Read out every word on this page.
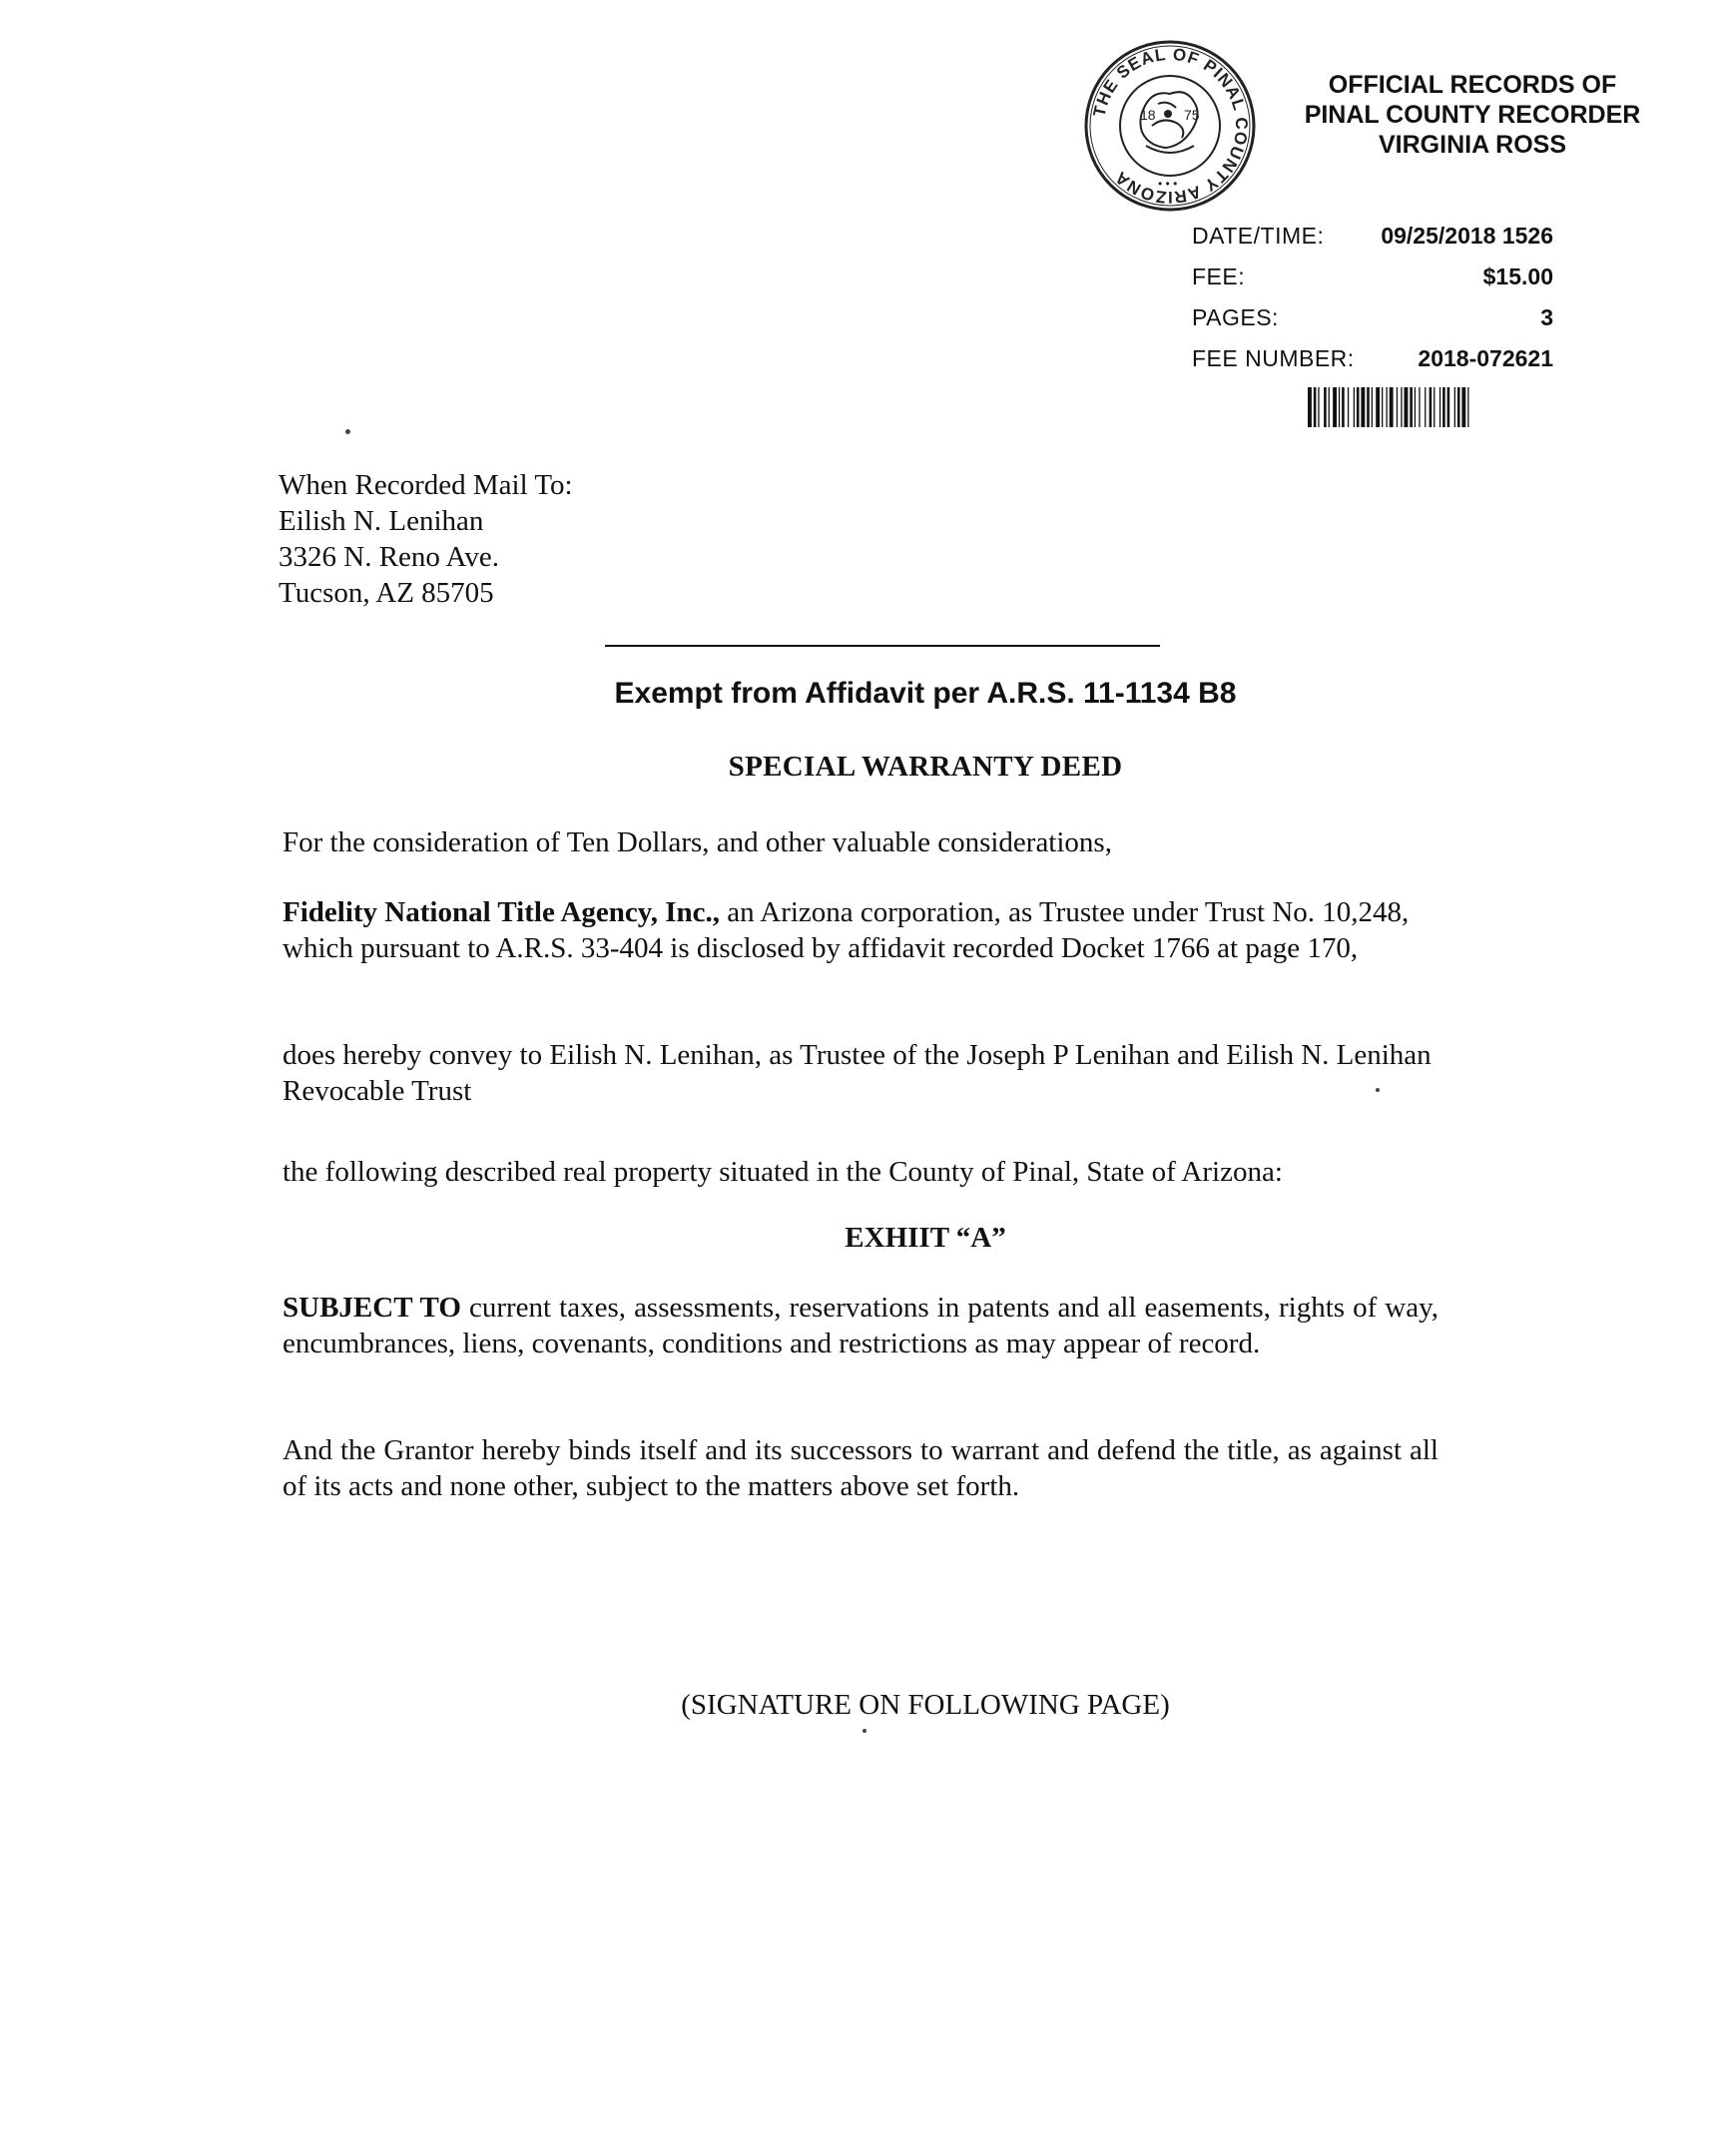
THE SEAL OF PINAL COUNTY ARIZONA
18 75
• • •
OFFICIAL RECORDS OF
PINAL COUNTY RECORDER
VIRGINIA ROSS
DATE/TIME: 09/25/2018 1526
FEE:	$15.00
PAGES:	3
FEE NUMBER:	2018-072621
When Recorded Mail To:
Eilish N. Lenihan
3326 N. Reno Ave.
Tucson, AZ 85705
Exempt from Affidavit per A.R.S. 11-1134 B8
SPECIAL WARRANTY DEED
For the consideration of Ten Dollars, and other valuable considerations,
Fidelity National Title Agency, Inc., an Arizona corporation, as Trustee under Trust No. 10,248, which pursuant to A.R.S. 33-404 is disclosed by affidavit recorded Docket 1766 at page 170,
does hereby convey to Eilish N. Lenihan, as Trustee of the Joseph P Lenihan and Eilish N. Lenihan Revocable Trust
the following described real property situated in the County of Pinal, State of Arizona:
EXHIIT “A”
SUBJECT TO current taxes, assessments, reservations in patents and all easements, rights of way, encumbrances, liens, covenants, conditions and restrictions as may appear of record.
And the Grantor hereby binds itself and its successors to warrant and defend the title, as against all of its acts and none other, subject to the matters above set forth.
(SIGNATURE ON FOLLOWING PAGE)
